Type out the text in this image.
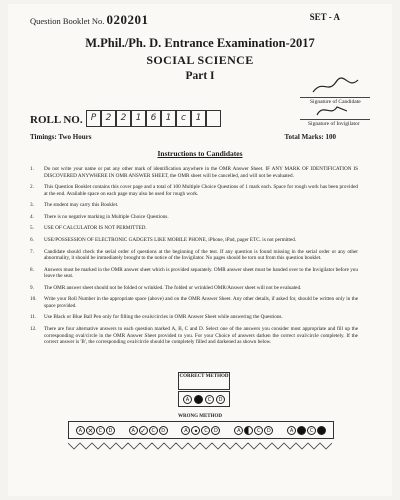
Question Booklet No. 020201	SET - A
M.Phil./Ph. D. Entrance Examination-2017
SOCIAL SCIENCE
Part I
Signature of Candidate
Signature of Invigilator
ROLL NO. P	2	2	1	6	1	c	1
Timings: Two Hours	Total Marks: 100
Instructions to Candidates
1.	Do not write your name or put any other mark of identification anywhere in the OMR Answer Sheet. IF ANY MARK OF IDENTIFICATION IS DISCOVERED ANYWHERE IN OMR ANSWER SHEET, the OMR sheet will be cancelled, and will not be evaluated.
2.	This Question Booklet contains this cover page and a total of 100 Multiple Choice Questions of 1 mark each. Space for rough work has been provided at the end. Available space on each page may also be used for rough work.
3.	The student may carry this Booklet.
4.	There is no negative marking in Multiple Choice Questions.
5.	USE OF CALCULATOR IS NOT PERMITTED.
6.	USE/POSSESSION OF ELECTRONIC GADGETS LIKE MOBILE PHONE, iPhone, iPad, pager ETC. is not permitted.
7.	Candidate should check the serial order of questions at the beginning of the test. If any question is found missing in the serial order or any other abnormality, it should be immediately brought to the notice of the Invigilator. No pages should be torn out from this question booklet.
8.	Answers must be marked in the OMR answer sheet which is provided separately. OMR answer sheet must be handed over to the Invigilator before you leave the seat.
9.	The OMR answer sheet should not be folded or wrinkled. The folded or wrinkled OMR/Answer sheet will not be evaluated.
10.	Write your Roll Number in the appropriate space (above) and on the OMR Answer Sheet. Any other details, if asked for, should be written only in the space provided.
11.	Use Black or Blue Ball Pen only for filling the ovals/circles in OMR Answer Sheet while answering the Questions.
12.	There are four alternative answers to each question marked A, B, C and D. Select one of the answers you consider most appropriate and fill up the corresponding oval/circle in the OMR Answer Sheet provided to you. For your Choice of answers darken the correct oval/circle completely. If the correct answer is 'B', the corresponding oval/circle should be completely filled and darkened as shown below.
CORRECT METHOD
A	B	C	D
WRONG METHOD
A ✕	C	D	A ✓	C	D	A •	C	D	A	C	D	A	C
